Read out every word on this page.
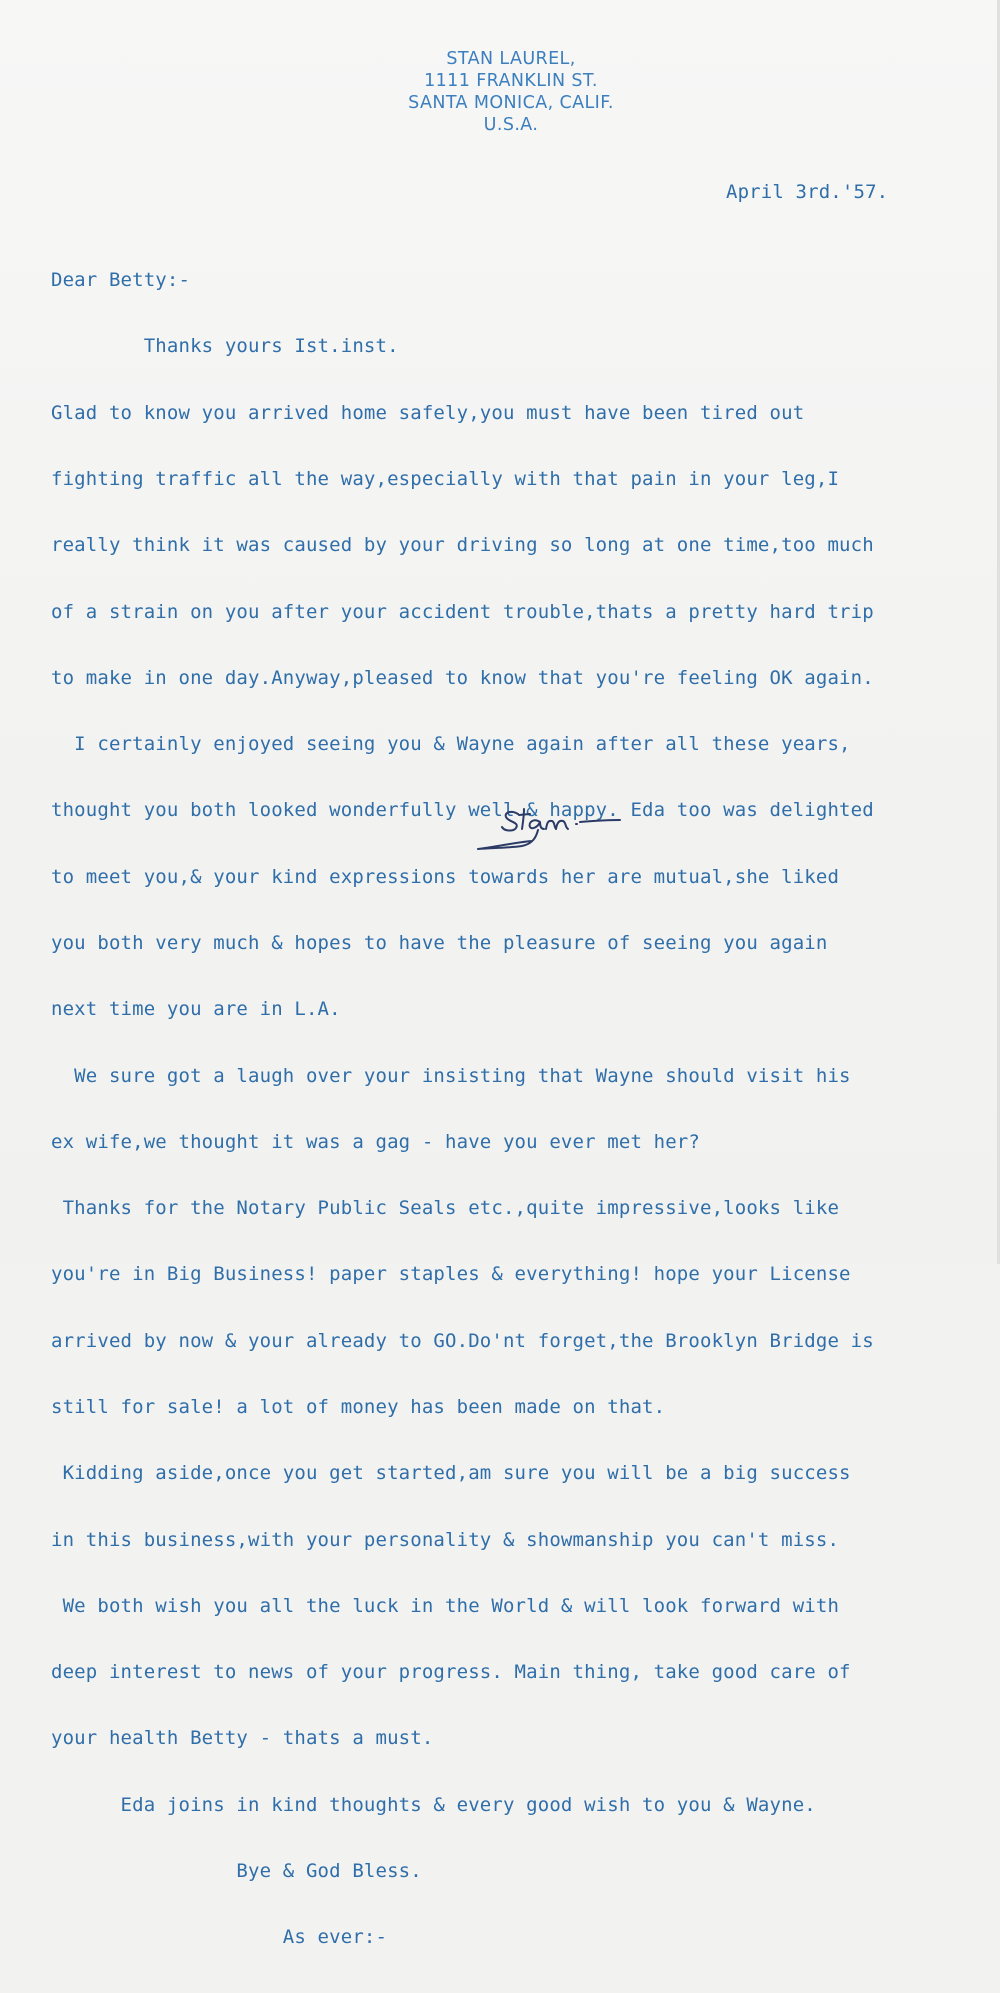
STAN LAUREL,
1111 FRANKLIN ST.
SANTA MONICA, CALIF.
U.S.A.
April 3rd.'57.

Dear Betty:-

Thanks yours Ist.inst.

Glad to know you arrived home safely,you must have been tired out

fighting traffic all the way,especially with that pain in your leg,I

really think it was caused by your driving so long at one time,too much

of a strain on you after your accident trouble,thats a pretty hard trip

to make in one day.Anyway,pleased to know that you're feeling OK again.

I certainly enjoyed seeing you & Wayne again after all these years,

thought you both looked wonderfully well & happy. Eda too was delighted

to meet you,& your kind expressions towards her are mutual,she liked

you both very much & hopes to have the pleasure of seeing you again

next time you are in L.A.

We sure got a laugh over your insisting that Wayne should visit his

ex wife,we thought it was a gag - have you ever met her?

Thanks for the Notary Public Seals etc.,quite impressive,looks like

you're in Big Business! paper staples & everything! hope your License

arrived by now & your already to GO.Do'nt forget,the Brooklyn Bridge is

still for sale! a lot of money has been made on that.

Kidding aside,once you get started,am sure you will be a big success

in this business,with your personality & showmanship you can't miss.

We both wish you all the luck in the World & will look forward with

deep interest to news of your progress. Main thing, take good care of

your health Betty - thats a must.

Eda joins in kind thoughts & every good wish to you & Wayne.

Bye & God Bless.

As ever:-
